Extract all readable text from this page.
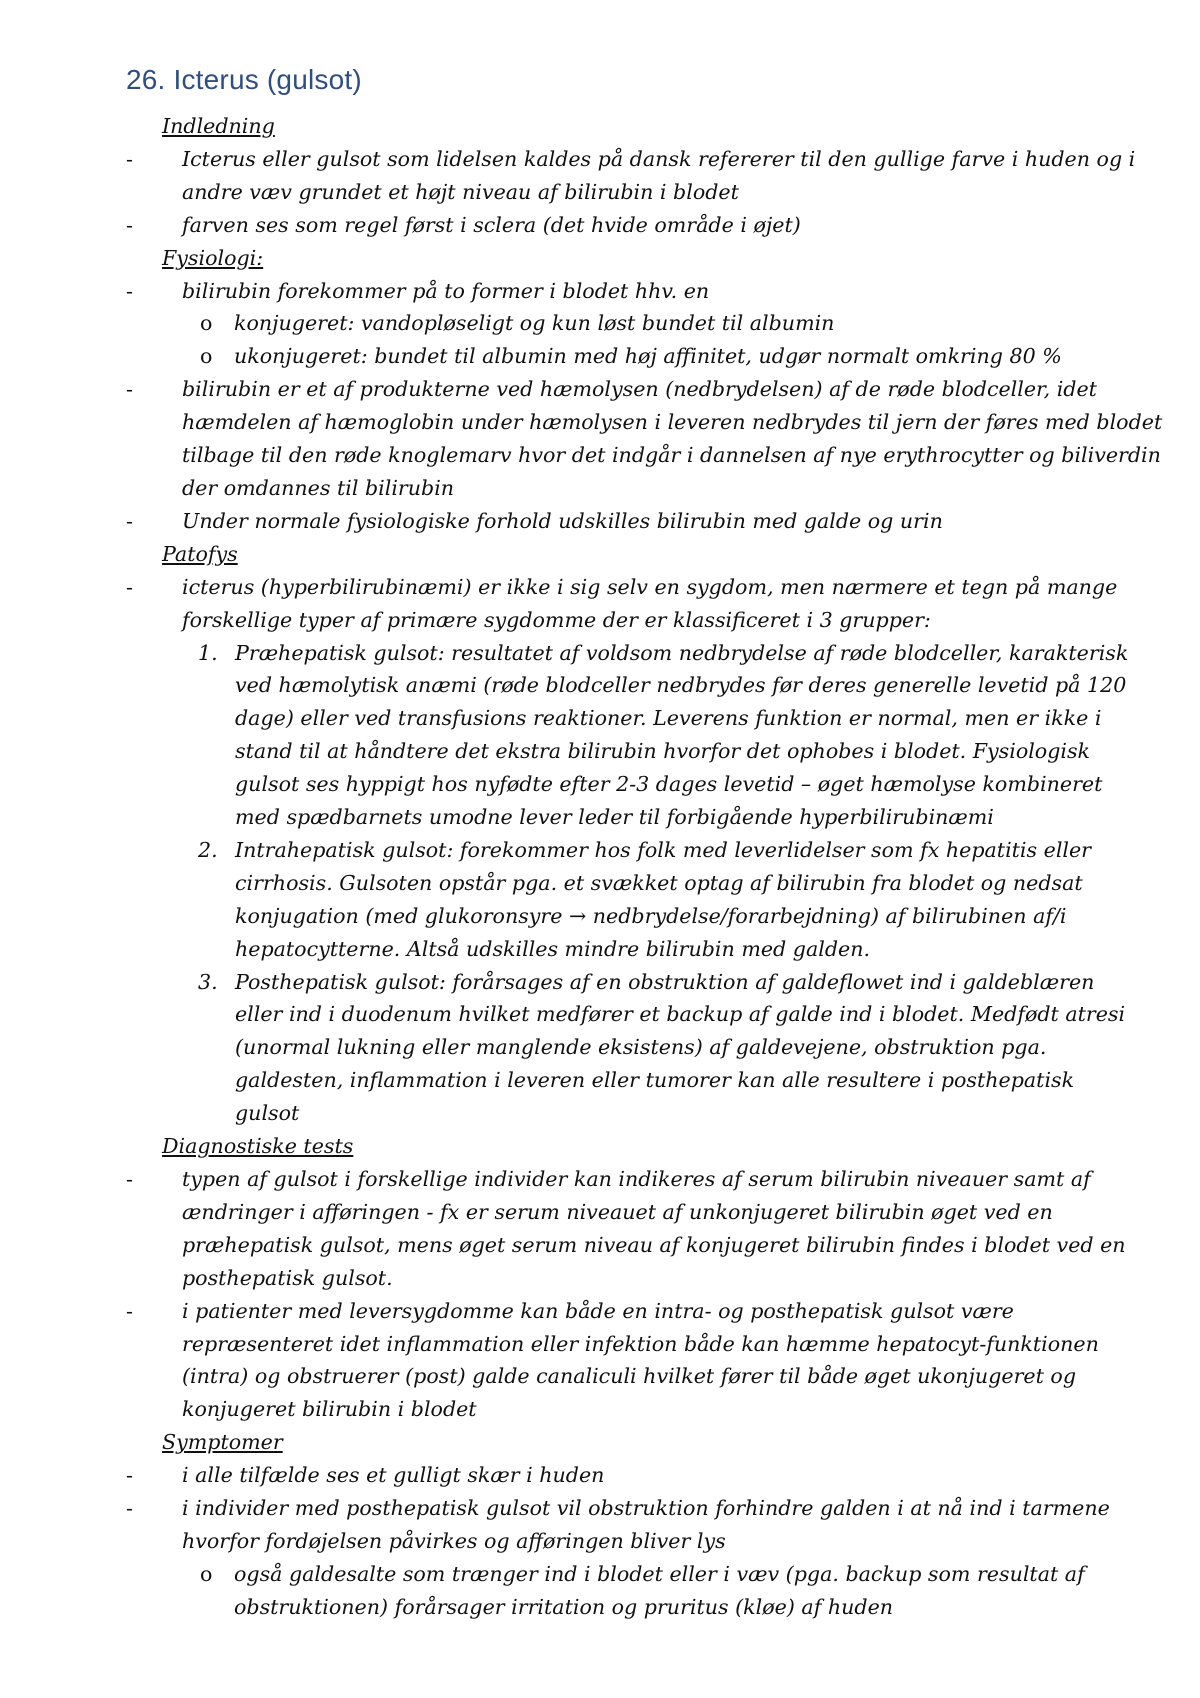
26. Icterus (gulsot)
Indledning
-	Icterus eller gulsot som lidelsen kaldes på dansk refererer til den gullige farve i huden og i
andre væv grundet et højt niveau af bilirubin i blodet
-	farven ses som regel først i sclera (det hvide område i øjet)
Fysiologi:
-	bilirubin forekommer på to former i blodet hhv. en
o konjugeret: vandopløseligt og kun løst bundet til albumin
o ukonjugeret: bundet til albumin med høj affinitet, udgør normalt omkring 80 %
-	bilirubin er et af produkterne ved hæmolysen (nedbrydelsen) af de røde blodceller, idet
hæmdelen af hæmoglobin under hæmolysen i leveren nedbrydes til jern der føres med blodet
tilbage til den røde knoglemarv hvor det indgår i dannelsen af nye erythrocytter og biliverdin
der omdannes til bilirubin
-	Under normale fysiologiske forhold udskilles bilirubin med galde og urin
Patofys
-	icterus (hyperbilirubinæmi) er ikke i sig selv en sygdom, men nærmere et tegn på mange
forskellige typer af primære sygdomme der er klassificeret i 3 grupper:
1. Præhepatisk gulsot: resultatet af voldsom nedbrydelse af røde blodceller, karakterisk
ved hæmolytisk anæmi (røde blodceller nedbrydes før deres generelle levetid på 120
dage) eller ved transfusions reaktioner. Leverens funktion er normal, men er ikke i
stand til at håndtere det ekstra bilirubin hvorfor det ophobes i blodet. Fysiologisk
gulsot ses hyppigt hos nyfødte efter 2-3 dages levetid – øget hæmolyse kombineret
med spædbarnets umodne lever leder til forbigående hyperbilirubinæmi
2. Intrahepatisk gulsot: forekommer hos folk med leverlidelser som fx hepatitis eller
cirrhosis. Gulsoten opstår pga. et svækket optag af bilirubin fra blodet og nedsat
konjugation (med glukoronsyre → nedbrydelse/forarbejdning) af bilirubinen af/i
hepatocytterne. Altså udskilles mindre bilirubin med galden.
3. Posthepatisk gulsot: forårsages af en obstruktion af galdeflowet ind i galdeblæren
eller ind i duodenum hvilket medfører et backup af galde ind i blodet. Medfødt atresi
(unormal lukning eller manglende eksistens) af galdevejene, obstruktion pga.
galdesten, inflammation i leveren eller tumorer kan alle resultere i posthepatisk
gulsot
Diagnostiske tests
-	typen af gulsot i forskellige individer kan indikeres af serum bilirubin niveauer samt af
ændringer i afføringen - fx er serum niveauet af unkonjugeret bilirubin øget ved en
præhepatisk gulsot, mens øget serum niveau af konjugeret bilirubin findes i blodet ved en
posthepatisk gulsot.
-	i patienter med leversygdomme kan både en intra- og posthepatisk gulsot være
repræsenteret idet inflammation eller infektion både kan hæmme hepatocyt-funktionen
(intra) og obstruerer (post) galde canaliculi hvilket fører til både øget ukonjugeret og
konjugeret bilirubin i blodet
Symptomer
-	i alle tilfælde ses et gulligt skær i huden
-	i individer med posthepatisk gulsot vil obstruktion forhindre galden i at nå ind i tarmene
hvorfor fordøjelsen påvirkes og afføringen bliver lys
o også galdesalte som trænger ind i blodet eller i væv (pga. backup som resultat af
obstruktionen) forårsager irritation og pruritus (kløe) af huden
